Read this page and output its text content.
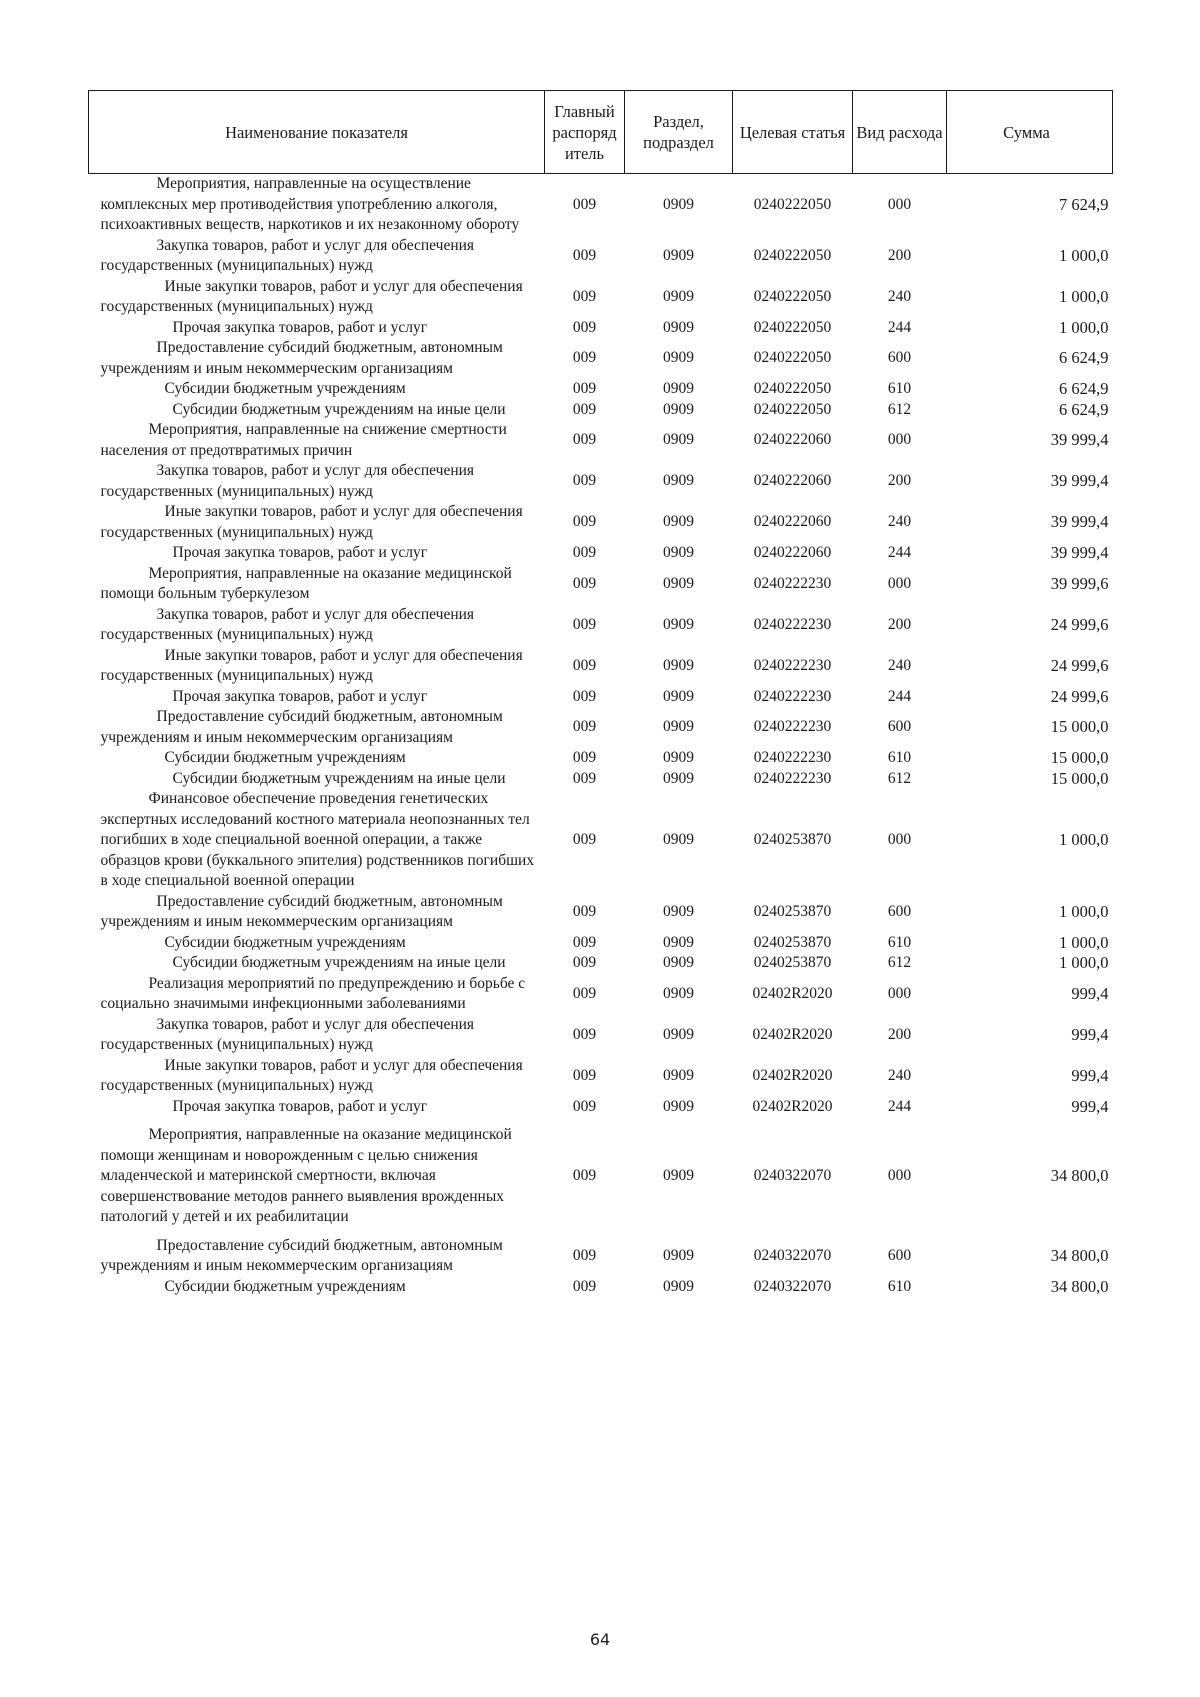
Наименование показателя	Главный распоряд итель	Раздел, подраздел	Целевая статья	Вид расхода	Сумма
Мероприятия, направленные на осуществление комплексных мер противодействия употреблению алкоголя, психоактивных веществ, наркотиков и их незаконному обороту	009	0909	0240222050	000	7 624,9
Закупка товаров, работ и услуг для обеспечения государственных (муниципальных) нужд	009	0909	0240222050	200	1 000,0
Иные закупки товаров, работ и услуг для обеспечения государственных (муниципальных) нужд	009	0909	0240222050	240	1 000,0
Прочая закупка товаров, работ и услуг	009	0909	0240222050	244	1 000,0
Предоставление субсидий бюджетным, автономным учреждениям и иным некоммерческим организациям	009	0909	0240222050	600	6 624,9
Субсидии бюджетным учреждениям	009	0909	0240222050	610	6 624,9
Субсидии бюджетным учреждениям на иные цели	009	0909	0240222050	612	6 624,9
Мероприятия, направленные на снижение смертности населения от предотвратимых причин	009	0909	0240222060	000	39 999,4
Закупка товаров, работ и услуг для обеспечения государственных (муниципальных) нужд	009	0909	0240222060	200	39 999,4
Иные закупки товаров, работ и услуг для обеспечения государственных (муниципальных) нужд	009	0909	0240222060	240	39 999,4
Прочая закупка товаров, работ и услуг	009	0909	0240222060	244	39 999,4
Мероприятия, направленные на оказание медицинской помощи больным туберкулезом	009	0909	0240222230	000	39 999,6
Закупка товаров, работ и услуг для обеспечения государственных (муниципальных) нужд	009	0909	0240222230	200	24 999,6
Иные закупки товаров, работ и услуг для обеспечения государственных (муниципальных) нужд	009	0909	0240222230	240	24 999,6
Прочая закупка товаров, работ и услуг	009	0909	0240222230	244	24 999,6
Предоставление субсидий бюджетным, автономным учреждениям и иным некоммерческим организациям	009	0909	0240222230	600	15 000,0
Субсидии бюджетным учреждениям	009	0909	0240222230	610	15 000,0
Субсидии бюджетным учреждениям на иные цели	009	0909	0240222230	612	15 000,0
Финансовое обеспечение проведения генетических экспертных исследований костного материала неопознанных тел погибших в ходе специальной военной операции, а также образцов крови (буккального эпителия) родственников погибших в ходе специальной военной операции	009	0909	0240253870	000	1 000,0
Предоставление субсидий бюджетным, автономным учреждениям и иным некоммерческим организациям	009	0909	0240253870	600	1 000,0
Субсидии бюджетным учреждениям	009	0909	0240253870	610	1 000,0
Субсидии бюджетным учреждениям на иные цели	009	0909	0240253870	612	1 000,0
Реализация мероприятий по предупреждению и борьбе с социально значимыми инфекционными заболеваниями	009	0909	02402R2020	000	999,4
Закупка товаров, работ и услуг для обеспечения государственных (муниципальных) нужд	009	0909	02402R2020	200	999,4
Иные закупки товаров, работ и услуг для обеспечения государственных (муниципальных) нужд	009	0909	02402R2020	240	999,4
Прочая закупка товаров, работ и услуг	009	0909	02402R2020	244	999,4
Мероприятия, направленные на оказание медицинской помощи женщинам и новорожденным с целью снижения младенческой и материнской смертности, включая совершенствование методов раннего выявления врожденных патологий у детей и их реабилитации	009	0909	0240322070	000	34 800,0
Предоставление субсидий бюджетным, автономным учреждениям и иным некоммерческим организациям	009	0909	0240322070	600	34 800,0
Субсидии бюджетным учреждениям	009	0909	0240322070	610	34 800,0
64
